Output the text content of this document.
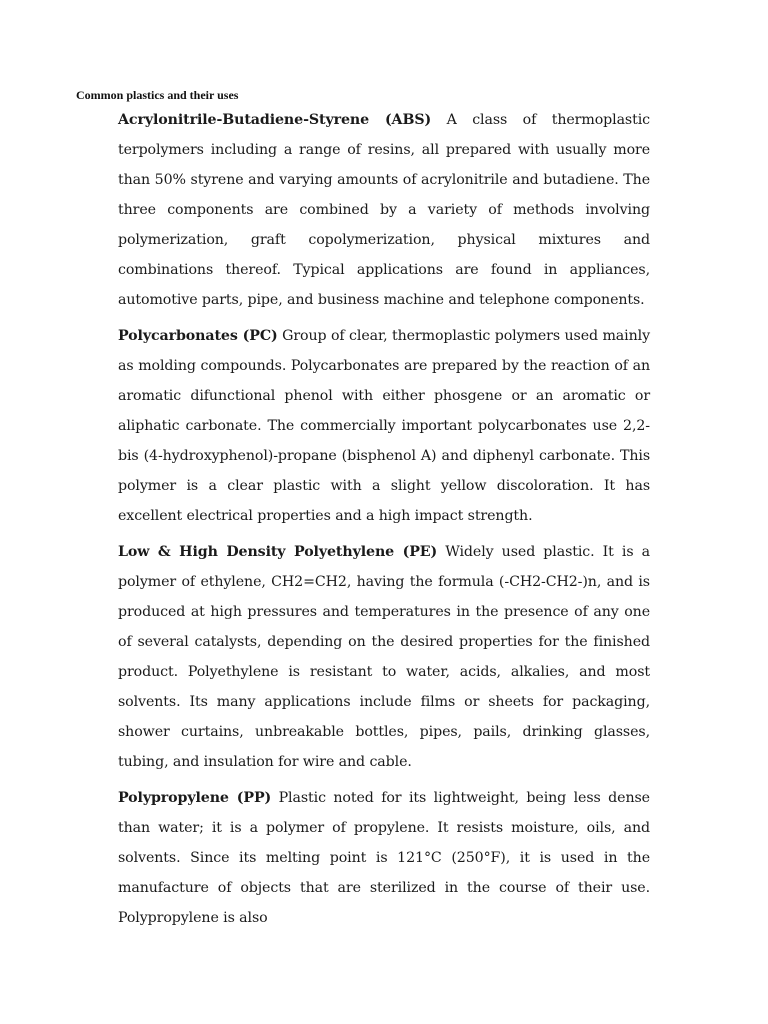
Common plastics and their uses

Acrylonitrile-Butadiene-Styrene (ABS) A class of thermoplastic terpolymers including a range of resins, all prepared with usually more than 50% styrene and varying amounts of acrylonitrile and butadiene. The three components are combined by a variety of methods involving polymerization, graft copolymerization, physical mixtures and combinations thereof. Typical applications are found in appliances, automotive parts, pipe, and business machine and telephone components.

Polycarbonates (PC) Group of clear, thermoplastic polymers used mainly as molding compounds. Polycarbonates are prepared by the reaction of an aromatic difunctional phenol with either phosgene or an aromatic or aliphatic carbonate. The commercially important polycarbonates use 2,2-bis (4-hydroxyphenol)-propane (bisphenol A) and diphenyl carbonate. This polymer is a clear plastic with a slight yellow discoloration. It has excellent electrical properties and a high impact strength.

Low & High Density Polyethylene (PE) Widely used plastic. It is a polymer of ethylene, CH2=CH2, having the formula (-CH2-CH2-)n, and is produced at high pressures and temperatures in the presence of any one of several catalysts, depending on the desired properties for the finished product. Polyethylene is resistant to water, acids, alkalies, and most solvents. Its many applications include films or sheets for packaging, shower curtains, unbreakable bottles, pipes, pails, drinking glasses, tubing, and insulation for wire and cable.

Polypropylene (PP) Plastic noted for its lightweight, being less dense than water; it is a polymer of propylene. It resists moisture, oils, and solvents. Since its melting point is 121°C (250°F), it is used in the manufacture of objects that are sterilized in the course of their use. Polypropylene is also
